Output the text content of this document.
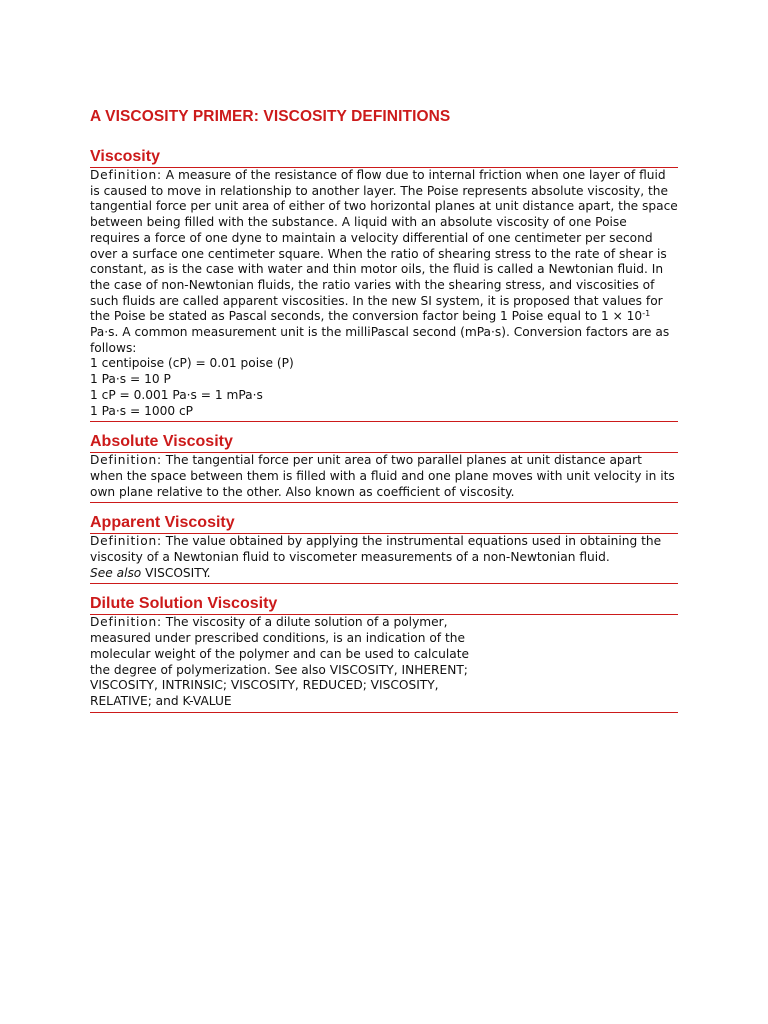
A VISCOSITY PRIMER: VISCOSITY DEFINITIONS
Viscosity
Definition: A measure of the resistance of flow due to internal friction when one layer of fluid is caused to move in relationship to another layer. The Poise represents absolute viscosity, the tangential force per unit area of either of two horizontal planes at unit distance apart, the space between being filled with the substance. A liquid with an absolute viscosity of one Poise requires a force of one dyne to maintain a velocity differential of one centimeter per second over a surface one centimeter square. When the ratio of shearing stress to the rate of shear is constant, as is the case with water and thin motor oils, the fluid is called a Newtonian fluid. In the case of non-Newtonian fluids, the ratio varies with the shearing stress, and viscosities of such fluids are called apparent viscosities. In the new SI system, it is proposed that values for the Poise be stated as Pascal seconds, the conversion factor being 1 Poise equal to $1 \times 10^{-1}$ Pa·s. A common measurement unit is the milliPascal second (mPa·s). Conversion factors are as follows:
1 centipoise (cP) = 0.01 poise (P)
1 Pa·s = 10 P
1 cP = 0.001 Pa·s = 1 mPa·s
1 Pa·s = 1000 cP
Absolute Viscosity
Definition: The tangential force per unit area of two parallel planes at unit distance apart when the space between them is filled with a fluid and one plane moves with unit velocity in its own plane relative to the other. Also known as coefficient of viscosity.
Apparent Viscosity
Definition: The value obtained by applying the instrumental equations used in obtaining the viscosity of a Newtonian fluid to viscometer measurements of a non-Newtonian fluid.
See also VISCOSITY.
Dilute Solution Viscosity
Definition: The viscosity of a dilute solution of a polymer, measured under prescribed conditions, is an indication of the molecular weight of the polymer and can be used to calculate the degree of polymerization. See also VISCOSITY, INHERENT; VISCOSITY, INTRINSIC; VISCOSITY, REDUCED; VISCOSITY, RELATIVE; and K-VALUE
